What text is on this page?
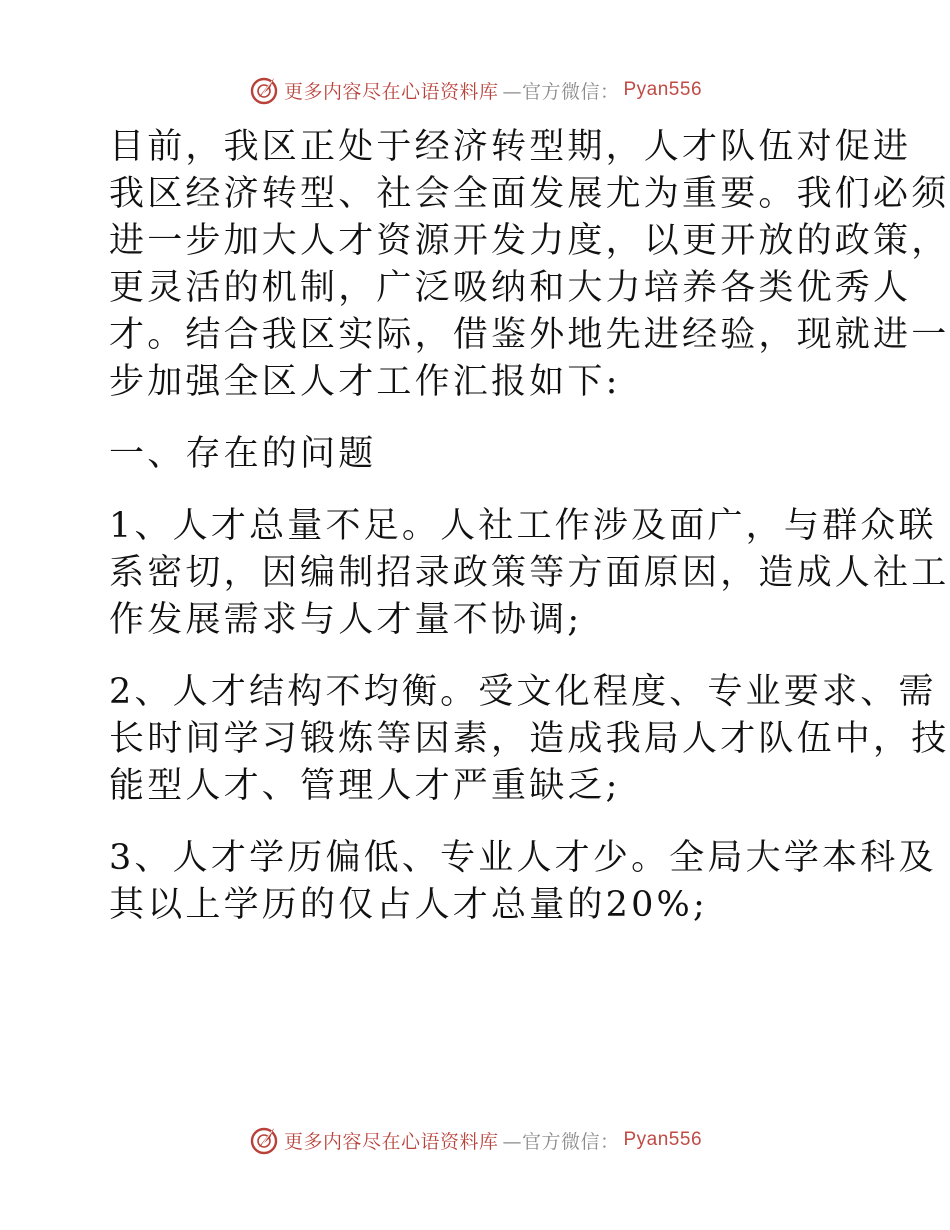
更多内容尽在心语资料库 —官方微信： Pyan556

目前，我区正处于经济转型期，人才队伍对促进
我区经济转型、社会全面发展尤为重要。我们必须
进一步加大人才资源开发力度，以更开放的政策，
更灵活的机制，广泛吸纳和大力培养各类优秀人
才。结合我区实际，借鉴外地先进经验，现就进一
步加强全区人才工作汇报如下:

一、存在的问题

1、人才总量不足。人社工作涉及面广，与群众联
系密切，因编制招录政策等方面原因，造成人社工
作发展需求与人才量不协调;

2、人才结构不均衡。受文化程度、专业要求、需
长时间学习锻炼等因素，造成我局人才队伍中，技
能型人才、管理人才严重缺乏;

3、人才学历偏低、专业人才少。全局大学本科及
其以上学历的仅占人才总量的20%;

更多内容尽在心语资料库 —官方微信： Pyan556
